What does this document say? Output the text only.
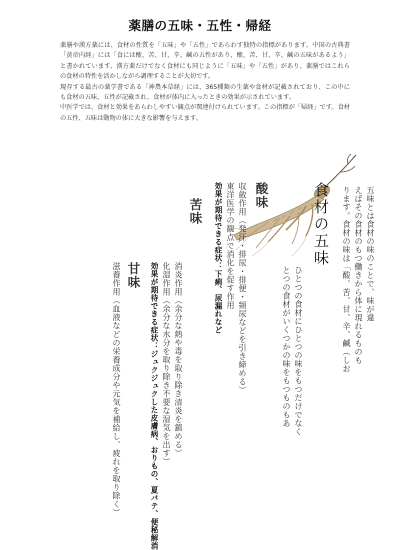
薬膳の五味・五性・帰経

薬膳や漢方薬には、食材の性質を「五味」や「五性」であらわす独特の指標があります。中国の古典書「黄帝内経」には「食には酸、苦、甘、辛、鹹の五性があり、酸、苦、甘、辛、鹹の五味があるよう」と書かれています。漢方薬だけでなく食材にも同じように「五味」や「五性」があり、薬膳ではこれらの食材の特性を活かしながら調理することが大切です。

現存する最古の薬学書である「神農本草経」には、365種類の生薬や食材が記載されており、この中にも食材の五味、五性が記載され、食材が体内に入ったときの効果が示されています。

中医学では、食材と効果をあらわしやすい観点が関連付けられています。この指標が「帰経」です。食材の五性、五味は動物の体に大きな影響を与えます。

食材の五味	五味とは食材の味のことで、味が違
えばその食材のもつ働きから体に現れるものも
ります。食材の味は「酸、苦、甘、辛、鹹（しお
ひとつの食材にひとつの味をもつだけでなく
とつの食材がいくつかの味をもつものもあ
酸味
収斂作用（発汗・排尿・排便・頻尿などを引き締める）
東洋医学の観点で消化を促す作用
効果が期待できる症状：下痢、尿漏れなど
苦味
消炎作用（余分な熱や毒を取り除き清炎を鎮める）
化湿作用（余分な水分を取り除き不要な湿気を出す）
効果が期待できる症状：ジュクジュクした皮膚病、おりもの、夏バテ、便秘解消
甘味
滋養作用（血液などの栄養成分や元気を補給し、疲れを取り除く）
